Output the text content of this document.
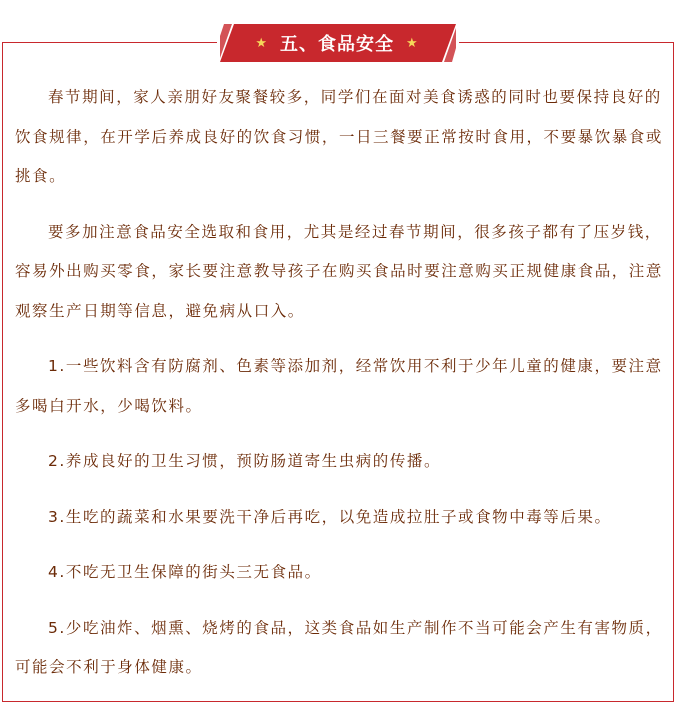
★ 五、食品安全 ★

春节期间，家人亲朋好友聚餐较多，同学们在面对美食诱惑的同时也要保持良好的饮食规律，在开学后养成良好的饮食习惯，一日三餐要正常按时食用，不要暴饮暴食或挑食。

要多加注意食品安全选取和食用，尤其是经过春节期间，很多孩子都有了压岁钱，容易外出购买零食，家长要注意教导孩子在购买食品时要注意购买正规健康食品，注意观察生产日期等信息，避免病从口入。

1.一些饮料含有防腐剂、色素等添加剂，经常饮用不利于少年儿童的健康，要注意多喝白开水，少喝饮料。

2.养成良好的卫生习惯，预防肠道寄生虫病的传播。

3.生吃的蔬菜和水果要洗干净后再吃，以免造成拉肚子或食物中毒等后果。

4.不吃无卫生保障的街头三无食品。

5.少吃油炸、烟熏、烧烤的食品，这类食品如生产制作不当可能会产生有害物质，可能会不利于身体健康。
